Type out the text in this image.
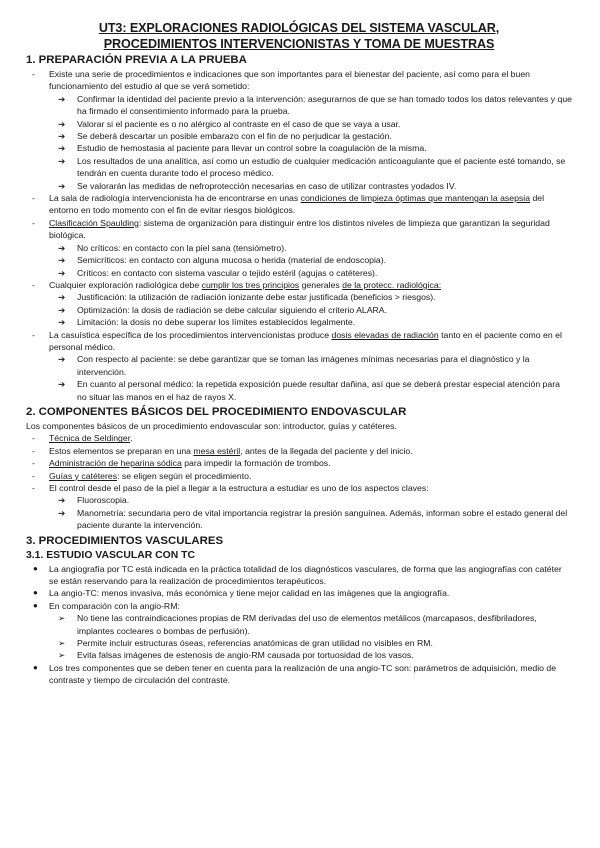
UT3: EXPLORACIONES RADIOLÓGICAS DEL SISTEMA VASCULAR,
PROCEDIMIENTOS INTERVENCIONISTAS Y TOMA DE MUESTRAS
1. PREPARACIÓN PREVIA A LA PRUEBA
- Existe una serie de procedimientos e indicaciones que son importantes para el bienestar del paciente, así como para el buen funcionamiento del estudio al que se verá sometido:
➔ Confirmar la identidad del paciente previo a la intervención: asegurarnos de que se han tomado todos los datos relevantes y que ha firmado el consentimiento informado para la prueba.
➔ Valorar si el paciente es o no alérgico al contraste en el caso de que se vaya a usar.
➔ Se deberá descartar un posible embarazo con el fin de no perjudicar la gestación.
➔ Estudio de hemostasia al paciente para llevar un control sobre la coagulación de la misma.
➔ Los resultados de una analítica, así como un estudio de cualquier medicación anticoagulante que el paciente esté tomando, se tendrán en cuenta durante todo el proceso médico.
➔ Se valorarán las medidas de nefroprotección necesarias en caso de utilizar contrastes yodados IV.
- La sala de radiología intervencionista ha de encontrarse en unas condiciones de limpieza óptimas que mantengan la asepsia del entorno en todo momento con el fin de evitar riesgos biológicos.
- Clasificación Spaulding: sistema de organización para distinguir entre los distintos niveles de limpieza que garantizan la seguridad biológica.
➔ No críticos: en contacto con la piel sana (tensiómetro).
➔ Semicríticos: en contacto con alguna mucosa o herida (material de endoscopia).
➔ Críticos: en contacto con sistema vascular o tejido estéril (agujas o catéteres).
- Cualquier exploración radiológica debe cumplir los tres principios generales de la protecc. radiológica:
➔ Justificación: la utilización de radiación ionizante debe estar justificada (beneficios > riesgos).
➔ Optimización: la dosis de radiación se debe calcular siguiendo el criterio ALARA.
➔ Limitación: la dosis no debe superar los límites establecidos legalmente.
- La casuística específica de los procedimientos intervencionistas produce dosis elevadas de radiación tanto en el paciente como en el personal médico.
➔ Con respecto al paciente: se debe garantizar que se toman las imágenes mínimas necesarias para el diagnóstico y la intervención.
➔ En cuanto al personal médico: la repetida exposición puede resultar dañina, así que se deberá prestar especial atención para no situar las manos en el haz de rayos X.
2. COMPONENTES BÁSICOS DEL PROCEDIMIENTO ENDOVASCULAR
Los componentes básicos de un procedimiento endovascular son: introductor, guías y catéteres.
- Técnica de Seldinger.
- Estos elementos se preparan en una mesa estéril, antes de la llegada del paciente y del inicio.
- Administración de heparina sódica para impedir la formación de trombos.
- Guías y catéteres: se eligen según el procedimiento.
- El control desde el paso de la piel a llegar a la estructura a estudiar es uno de los aspectos claves:
➔ Fluoroscopia.
➔ Manometría: secundaria pero de vital importancia registrar la presión sanguínea. Además, informan sobre el estado general del paciente durante la intervención.
3. PROCEDIMIENTOS VASCULARES
3.1. ESTUDIO VASCULAR CON TC
● La angiografía por TC está indicada en la práctica totalidad de los diagnósticos vasculares, de forma que las angiografías con catéter se están reservando para la realización de procedimientos terapéuticos.
● La angio-TC: menos invasiva, más económica y tiene mejor calidad en las imágenes que la angiografía.
● En comparación con la angio-RM:
➢ No tiene las contraindicaciones propias de RM derivadas del uso de elementos metálicos (marcapasos, desfibriladores, implantes cocleares o bombas de perfusión).
➢ Permite incluir estructuras óseas, referencias anatómicas de gran utilidad no visibles en RM.
➢ Evita falsas imágenes de estenosis de angio-RM causada por tortuosidad de los vasos.
● Los tres componentes que se deben tener en cuenta para la realización de una angio-TC son: parámetros de adquisición, medio de contraste y tiempo de circulación del contraste.
